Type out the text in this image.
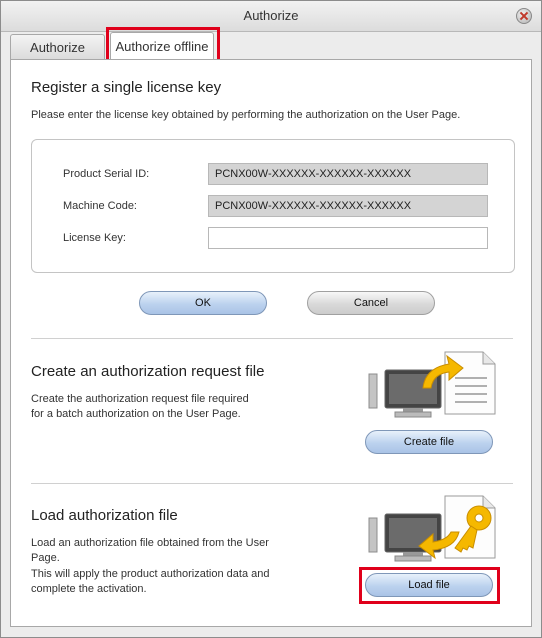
Authorize
Authorize	Authorize offline
Register a single license key
Please enter the license key obtained by performing the authorization on the User Page.
Product Serial ID:	PCNX00W-XXXXXX-XXXXXX-XXXXXX
Machine Code:	PCNX00W-XXXXXX-XXXXXX-XXXXXX
License Key:
OK	Cancel
Create an authorization request file
Create the authorization request file required
for a batch authorization on the User Page.
Create file
Load authorization file
Load an authorization file obtained from the User
Page.
This will apply the product authorization data and
complete the activation.	Load file
